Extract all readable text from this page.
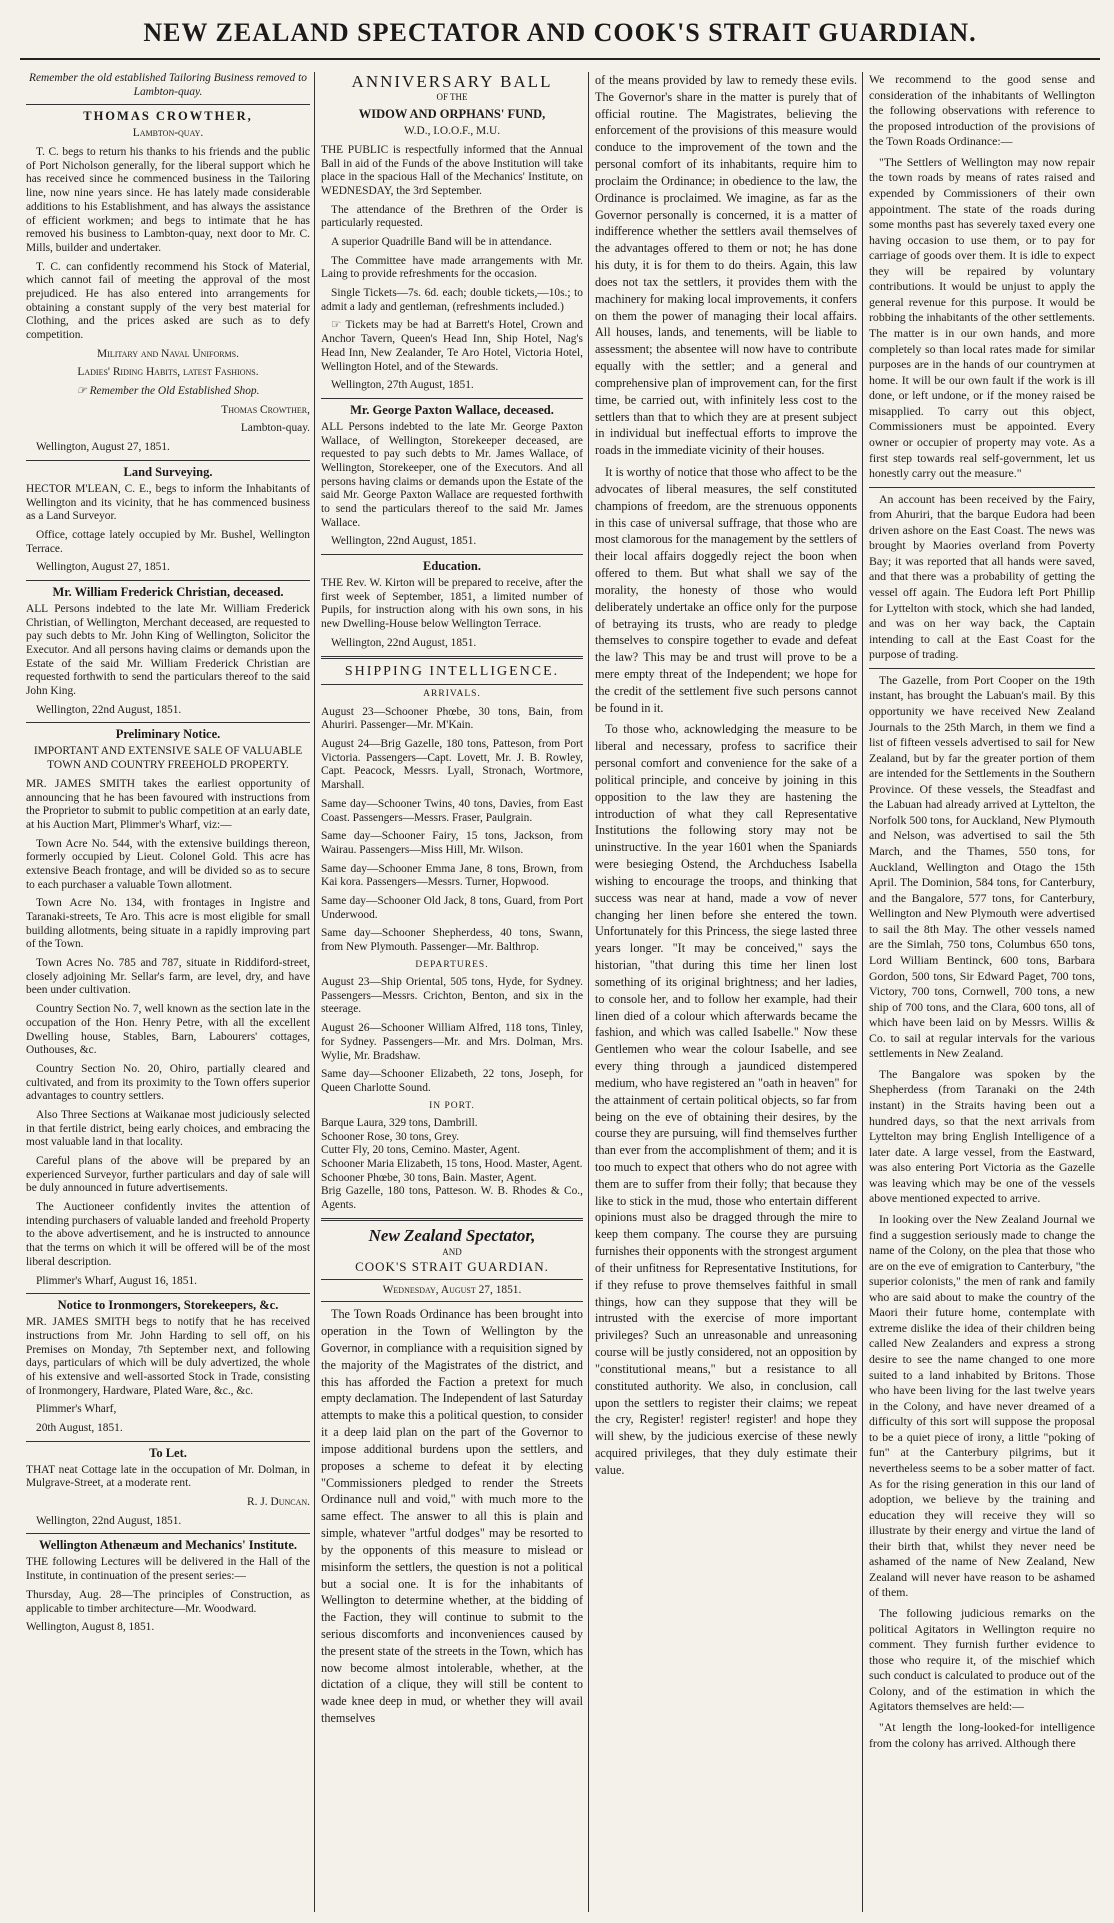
NEW ZEALAND SPECTATOR AND COOK'S STRAIT GUARDIAN.

Remember the old established Tailoring Business removed to Lambton-quay.

THOMAS CROWTHER,

Lambton-quay.

T. C. begs to return his thanks to his friends and the public of Port Nicholson generally, for the liberal support which he has received since he commenced business in the Tailoring line, now nine years since. He has lately made considerable additions to his Establishment, and has always the assistance of efficient workmen; and begs to intimate that he has removed his business to Lambton-quay, next door to Mr. C. Mills, builder and undertaker.

T. C. can confidently recommend his Stock of Material, which cannot fail of meeting the approval of the most prejudiced. He has also entered into arrangements for obtaining a constant supply of the very best material for Clothing, and the prices asked are such as to defy competition.

Military and Naval Uniforms.

Ladies' Riding Habits, latest Fashions.

☞ Remember the Old Established Shop.

Thomas Crowther,

Lambton-quay.

Wellington, August 27, 1851.

Land Surveying.

HECTOR M'LEAN, C. E., begs to inform the Inhabitants of Wellington and its vicinity, that he has commenced business as a Land Surveyor.

Office, cottage lately occupied by Mr. Bushel, Wellington Terrace.

Wellington, August 27, 1851.

Mr. William Frederick Christian, deceased.

ALL Persons indebted to the late Mr. William Frederick Christian, of Wellington, Merchant deceased, are requested to pay such debts to Mr. John King of Wellington, Solicitor the Executor. And all persons having claims or demands upon the Estate of the said Mr. William Frederick Christian are requested forthwith to send the particulars thereof to the said John King.

Wellington, 22nd August, 1851.

Preliminary Notice.

IMPORTANT AND EXTENSIVE SALE OF VALUABLE TOWN AND COUNTRY FREEHOLD PROPERTY.

MR. JAMES SMITH takes the earliest opportunity of announcing that he has been favoured with instructions from the Proprietor to submit to public competition at an early date, at his Auction Mart, Plimmer's Wharf, viz:—

Town Acre No. 544, with the extensive buildings thereon, formerly occupied by Lieut. Colonel Gold. This acre has extensive Beach frontage, and will be divided so as to secure to each purchaser a valuable Town allotment.

Town Acre No. 134, with frontages in Ingistre and Taranaki-streets, Te Aro. This acre is most eligible for small building allotments, being situate in a rapidly improving part of the Town.

Town Acres No. 785 and 787, situate in Riddiford-street, closely adjoining Mr. Sellar's farm, are level, dry, and have been under cultivation.

Country Section No. 7, well known as the section late in the occupation of the Hon. Henry Petre, with all the excellent Dwelling house, Stables, Barn, Labourers' cottages, Outhouses, &c.

Country Section No. 20, Ohiro, partially cleared and cultivated, and from its proximity to the Town offers superior advantages to country settlers.

Also Three Sections at Waikanae most judiciously selected in that fertile district, being early choices, and embracing the most valuable land in that locality.

Careful plans of the above will be prepared by an experienced Surveyor, further particulars and day of sale will be duly announced in future advertisements.

The Auctioneer confidently invites the attention of intending purchasers of valuable landed and freehold Property to the above advertisement, and he is instructed to announce that the terms on which it will be offered will be of the most liberal description.

Plimmer's Wharf, August 16, 1851.

Notice to Ironmongers, Storekeepers, &c.

MR. JAMES SMITH begs to notify that he has received instructions from Mr. John Harding to sell off, on his Premises on Monday, 7th September next, and following days, particulars of which will be duly advertized, the whole of his extensive and well-assorted Stock in Trade, consisting of Ironmongery, Hardware, Plated Ware, &c., &c.

Plimmer's Wharf,

20th August, 1851.

To Let.

THAT neat Cottage late in the occupation of Mr. Dolman, in Mulgrave-Street, at a moderate rent.

R. J. Duncan.

Wellington, 22nd August, 1851.

Wellington Athenæum and Mechanics' Institute.

THE following Lectures will be delivered in the Hall of the Institute, in continuation of the present series:—

Thursday, Aug. 28—The principles of Construction, as applicable to timber architecture—Mr. Woodward.

Wellington, August 8, 1851.

ANNIVERSARY BALL

OF THE

WIDOW AND ORPHANS' FUND,

W.D., I.O.O.F., M.U.

THE PUBLIC is respectfully informed that the Annual Ball in aid of the Funds of the above Institution will take place in the spacious Hall of the Mechanics' Institute, on WEDNESDAY, the 3rd September.

The attendance of the Brethren of the Order is particularly requested.

A superior Quadrille Band will be in attendance.

The Committee have made arrangements with Mr. Laing to provide refreshments for the occasion.

Single Tickets—7s. 6d. each; double tickets,—10s.; to admit a lady and gentleman, (refreshments included.)

☞ Tickets may be had at Barrett's Hotel, Crown and Anchor Tavern, Queen's Head Inn, Ship Hotel, Nag's Head Inn, New Zealander, Te Aro Hotel, Victoria Hotel, Wellington Hotel, and of the Stewards.

Wellington, 27th August, 1851.

Mr. George Paxton Wallace, deceased.

ALL Persons indebted to the late Mr. George Paxton Wallace, of Wellington, Storekeeper deceased, are requested to pay such debts to Mr. James Wallace, of Wellington, Storekeeper, one of the Executors. And all persons having claims or demands upon the Estate of the said Mr. George Paxton Wallace are requested forthwith to send the particulars thereof to the said Mr. James Wallace.

Wellington, 22nd August, 1851.

Education.

THE Rev. W. Kirton will be prepared to receive, after the first week of September, 1851, a limited number of Pupils, for instruction along with his own sons, in his new Dwelling-House below Wellington Terrace.

Wellington, 22nd August, 1851.

SHIPPING INTELLIGENCE.

ARRIVALS.

August 23—Schooner Phœbe, 30 tons, Bain, from Ahuriri. Passenger—Mr. M'Kain.

August 24—Brig Gazelle, 180 tons, Patteson, from Port Victoria. Passengers—Capt. Lovett, Mr. J. B. Rowley, Capt. Peacock, Messrs. Lyall, Stronach, Wortmore, Marshall.

Same day—Schooner Twins, 40 tons, Davies, from East Coast. Passengers—Messrs. Fraser, Paulgrain.

Same day—Schooner Fairy, 15 tons, Jackson, from Wairau. Passengers—Miss Hill, Mr. Wilson.

Same day—Schooner Emma Jane, 8 tons, Brown, from Kai kora. Passengers—Messrs. Turner, Hopwood.

Same day—Schooner Old Jack, 8 tons, Guard, from Port Underwood.

Same day—Schooner Shepherdess, 40 tons, Swann, from New Plymouth. Passenger—Mr. Balthrop.

DEPARTURES.

August 23—Ship Oriental, 505 tons, Hyde, for Sydney. Passengers—Messrs. Crichton, Benton, and six in the steerage.

August 26—Schooner William Alfred, 118 tons, Tinley, for Sydney. Passengers—Mr. and Mrs. Dolman, Mrs. Wylie, Mr. Bradshaw.

Same day—Schooner Elizabeth, 22 tons, Joseph, for Queen Charlotte Sound.

IN PORT.

Barque Laura, 329 tons, Dambrill.

Schooner Rose, 30 tons, Grey.

Cutter Fly, 20 tons, Cemino. Master, Agent.

Schooner Maria Elizabeth, 15 tons, Hood. Master, Agent.

Schooner Phœbe, 30 tons, Bain. Master, Agent.

Brig Gazelle, 180 tons, Patteson. W. B. Rhodes & Co., Agents.

New Zealand Spectator,

AND

COOK'S STRAIT GUARDIAN.

Wednesday, August 27, 1851.

The Town Roads Ordinance has been brought into operation in the Town of Wellington by the Governor, in compliance with a requisition signed by the majority of the Magistrates of the district, and this has afforded the Faction a pretext for much empty declamation. The Independent of last Saturday attempts to make this a political question, to consider it a deep laid plan on the part of the Governor to impose additional burdens upon the settlers, and proposes a scheme to defeat it by electing "Commissioners pledged to render the Streets Ordinance null and void," with much more to the same effect. The answer to all this is plain and simple, whatever "artful dodges" may be resorted to by the opponents of this measure to mislead or misinform the settlers, the question is not a political but a social one. It is for the inhabitants of Wellington to determine whether, at the bidding of the Faction, they will continue to submit to the serious discomforts and inconveniences caused by the present state of the streets in the Town, which has now become almost intolerable, whether, at the dictation of a clique, they will still be content to wade knee deep in mud, or whether they will avail themselves

of the means provided by law to remedy these evils. The Governor's share in the matter is purely that of official routine. The Magistrates, believing the enforcement of the provisions of this measure would conduce to the improvement of the town and the personal comfort of its inhabitants, require him to proclaim the Ordinance; in obedience to the law, the Ordinance is proclaimed. We imagine, as far as the Governor personally is concerned, it is a matter of indifference whether the settlers avail themselves of the advantages offered to them or not; he has done his duty, it is for them to do theirs. Again, this law does not tax the settlers, it provides them with the machinery for making local improvements, it confers on them the power of managing their local affairs. All houses, lands, and tenements, will be liable to assessment; the absentee will now have to contribute equally with the settler; and a general and comprehensive plan of improvement can, for the first time, be carried out, with infinitely less cost to the settlers than that to which they are at present subject in individual but ineffectual efforts to improve the roads in the immediate vicinity of their houses.

It is worthy of notice that those who affect to be the advocates of liberal measures, the self constituted champions of freedom, are the strenuous opponents in this case of universal suffrage, that those who are most clamorous for the management by the settlers of their local affairs doggedly reject the boon when offered to them. But what shall we say of the morality, the honesty of those who would deliberately undertake an office only for the purpose of betraying its trusts, who are ready to pledge themselves to conspire together to evade and defeat the law? This may be and trust will prove to be a mere empty threat of the Independent; we hope for the credit of the settlement five such persons cannot be found in it.

To those who, acknowledging the measure to be liberal and necessary, profess to sacrifice their personal comfort and convenience for the sake of a political principle, and conceive by joining in this opposition to the law they are hastening the introduction of what they call Representative Institutions the following story may not be uninstructive. In the year 1601 when the Spaniards were besieging Ostend, the Archduchess Isabella wishing to encourage the troops, and thinking that success was near at hand, made a vow of never changing her linen before she entered the town. Unfortunately for this Princess, the siege lasted three years longer. "It may be conceived," says the historian, "that during this time her linen lost something of its original brightness; and her ladies, to console her, and to follow her example, had their linen died of a colour which afterwards became the fashion, and which was called Isabelle." Now these Gentlemen who wear the colour Isabelle, and see every thing through a jaundiced distempered medium, who have registered an "oath in heaven" for the attainment of certain political objects, so far from being on the eve of obtaining their desires, by the course they are pursuing, will find themselves further than ever from the accomplishment of them; and it is too much to expect that others who do not agree with them are to suffer from their folly; that because they like to stick in the mud, those who entertain different opinions must also be dragged through the mire to keep them company. The course they are pursuing furnishes their opponents with the strongest argument of their unfitness for Representative Institutions, for if they refuse to prove themselves faithful in small things, how can they suppose that they will be intrusted with the exercise of more important privileges? Such an unreasonable and unreasoning course will be justly considered, not an opposition by "constitutional means," but a resistance to all constituted authority. We also, in conclusion, call upon the settlers to register their claims; we repeat the cry, Register! register! register! and hope they will shew, by the judicious exercise of these newly acquired privileges, that they duly estimate their value.

We recommend to the good sense and consideration of the inhabitants of Wellington the following observations with reference to the proposed introduction of the provisions of the Town Roads Ordinance:—

"The Settlers of Wellington may now repair the town roads by means of rates raised and expended by Commissioners of their own appointment. The state of the roads during some months past has severely taxed every one having occasion to use them, or to pay for carriage of goods over them. It is idle to expect they will be repaired by voluntary contributions. It would be unjust to apply the general revenue for this purpose. It would be robbing the inhabitants of the other settlements. The matter is in our own hands, and more completely so than local rates made for similar purposes are in the hands of our countrymen at home. It will be our own fault if the work is ill done, or left undone, or if the money raised be misapplied. To carry out this object, Commissioners must be appointed. Every owner or occupier of property may vote. As a first step towards real self-government, let us honestly carry out the measure."

An account has been received by the Fairy, from Ahuriri, that the barque Eudora had been driven ashore on the East Coast. The news was brought by Maories overland from Poverty Bay; it was reported that all hands were saved, and that there was a probability of getting the vessel off again. The Eudora left Port Phillip for Lyttelton with stock, which she had landed, and was on her way back, the Captain intending to call at the East Coast for the purpose of trading.

The Gazelle, from Port Cooper on the 19th instant, has brought the Labuan's mail. By this opportunity we have received New Zealand Journals to the 25th March, in them we find a list of fifteen vessels advertised to sail for New Zealand, but by far the greater portion of them are intended for the Settlements in the Southern Province. Of these vessels, the Steadfast and the Labuan had already arrived at Lyttelton, the Norfolk 500 tons, for Auckland, New Plymouth and Nelson, was advertised to sail the 5th March, and the Thames, 550 tons, for Auckland, Wellington and Otago the 15th April. The Dominion, 584 tons, for Canterbury, and the Bangalore, 577 tons, for Canterbury, Wellington and New Plymouth were advertised to sail the 8th May. The other vessels named are the Simlah, 750 tons, Columbus 650 tons, Lord William Bentinck, 600 tons, Barbara Gordon, 500 tons, Sir Edward Paget, 700 tons, Victory, 700 tons, Cornwell, 700 tons, a new ship of 700 tons, and the Clara, 600 tons, all of which have been laid on by Messrs. Willis & Co. to sail at regular intervals for the various settlements in New Zealand.

The Bangalore was spoken by the Shepherdess (from Taranaki on the 24th instant) in the Straits having been out a hundred days, so that the next arrivals from Lyttelton may bring English Intelligence of a later date. A large vessel, from the Eastward, was also entering Port Victoria as the Gazelle was leaving which may be one of the vessels above mentioned expected to arrive.

In looking over the New Zealand Journal we find a suggestion seriously made to change the name of the Colony, on the plea that those who are on the eve of emigration to Canterbury, "the superior colonists," the men of rank and family who are said about to make the country of the Maori their future home, contemplate with extreme dislike the idea of their children being called New Zealanders and express a strong desire to see the name changed to one more suited to a land inhabited by Britons. Those who have been living for the last twelve years in the Colony, and have never dreamed of a difficulty of this sort will suppose the proposal to be a quiet piece of irony, a little "poking of fun" at the Canterbury pilgrims, but it nevertheless seems to be a sober matter of fact. As for the rising generation in this our land of adoption, we believe by the training and education they will receive they will so illustrate by their energy and virtue the land of their birth that, whilst they never need be ashamed of the name of New Zealand, New Zealand will never have reason to be ashamed of them.

The following judicious remarks on the political Agitators in Wellington require no comment. They furnish further evidence to those who require it, of the mischief which such conduct is calculated to produce out of the Colony, and of the estimation in which the Agitators themselves are held:—

"At length the long-looked-for intelligence from the colony has arrived. Although there
